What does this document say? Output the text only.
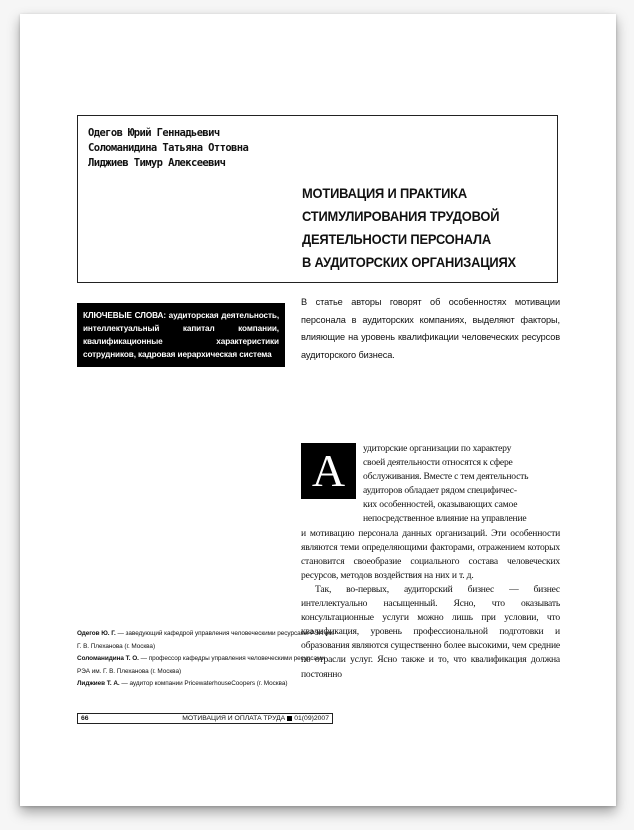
Одегов Юрий Геннадьевич
Соломанидина Татьяна Оттовна
Лиджиев Тимур Алексеевич
МОТИВАЦИЯ И ПРАКТИКА
СТИМУЛИРОВАНИЯ ТРУДОВОЙ
ДЕЯТЕЛЬНОСТИ ПЕРСОНАЛА
В АУДИТОРСКИХ ОРГАНИЗАЦИЯХ
КЛЮЧЕВЫЕ СЛОВА: аудиторская деятельность, интеллектуальный капитал компании, квалификационные характеристики сотрудников, кадровая иерархическая система
В статье авторы говорят об особенностях мотивации персонала в аудиторских компаниях, выделяют факторы, влияющие на уровень квалификации человеческих ресурсов аудиторского бизнеса.
А	удиторские организации по характеру

своей деятельности относятся к сфере

обслуживания. Вместе с тем деятельность

аудиторов обладает рядом специфичес-

ких особенностей, оказывающих самое

непосредственное влияние на управление

и мотивацию персонала данных организаций. Эти особенности являются теми определяющими факторами, отражением которых становится своеобразие социального состава человеческих ресурсов, методов воздействия на них и т. д.

Так, во-первых, аудиторский бизнес — бизнес интеллектуально насыщенный. Ясно, что оказывать консультационные услуги можно лишь при условии, что квалификация, уровень профессиональной подготовки и образования являются существенно более высокими, чем средние по отрасли услуг. Ясно также и то, что квалификация должна постоянно

Одегов Ю. Г. — заведующий кафедрой управления человеческими ресурсами РЭА им. Г. В. Плеханова (г. Москва)
Соломанидина Т. О. — профессор кафедры управления человеческими ресурсами РЭА им. Г. В. Плеханова (г. Москва)
Лиджиев Т. А. — аудитор компании PricewaterhouseCoopers (г. Москва)
66	МОТИВАЦИЯ И ОПЛАТА ТРУДА 01(09)2007
